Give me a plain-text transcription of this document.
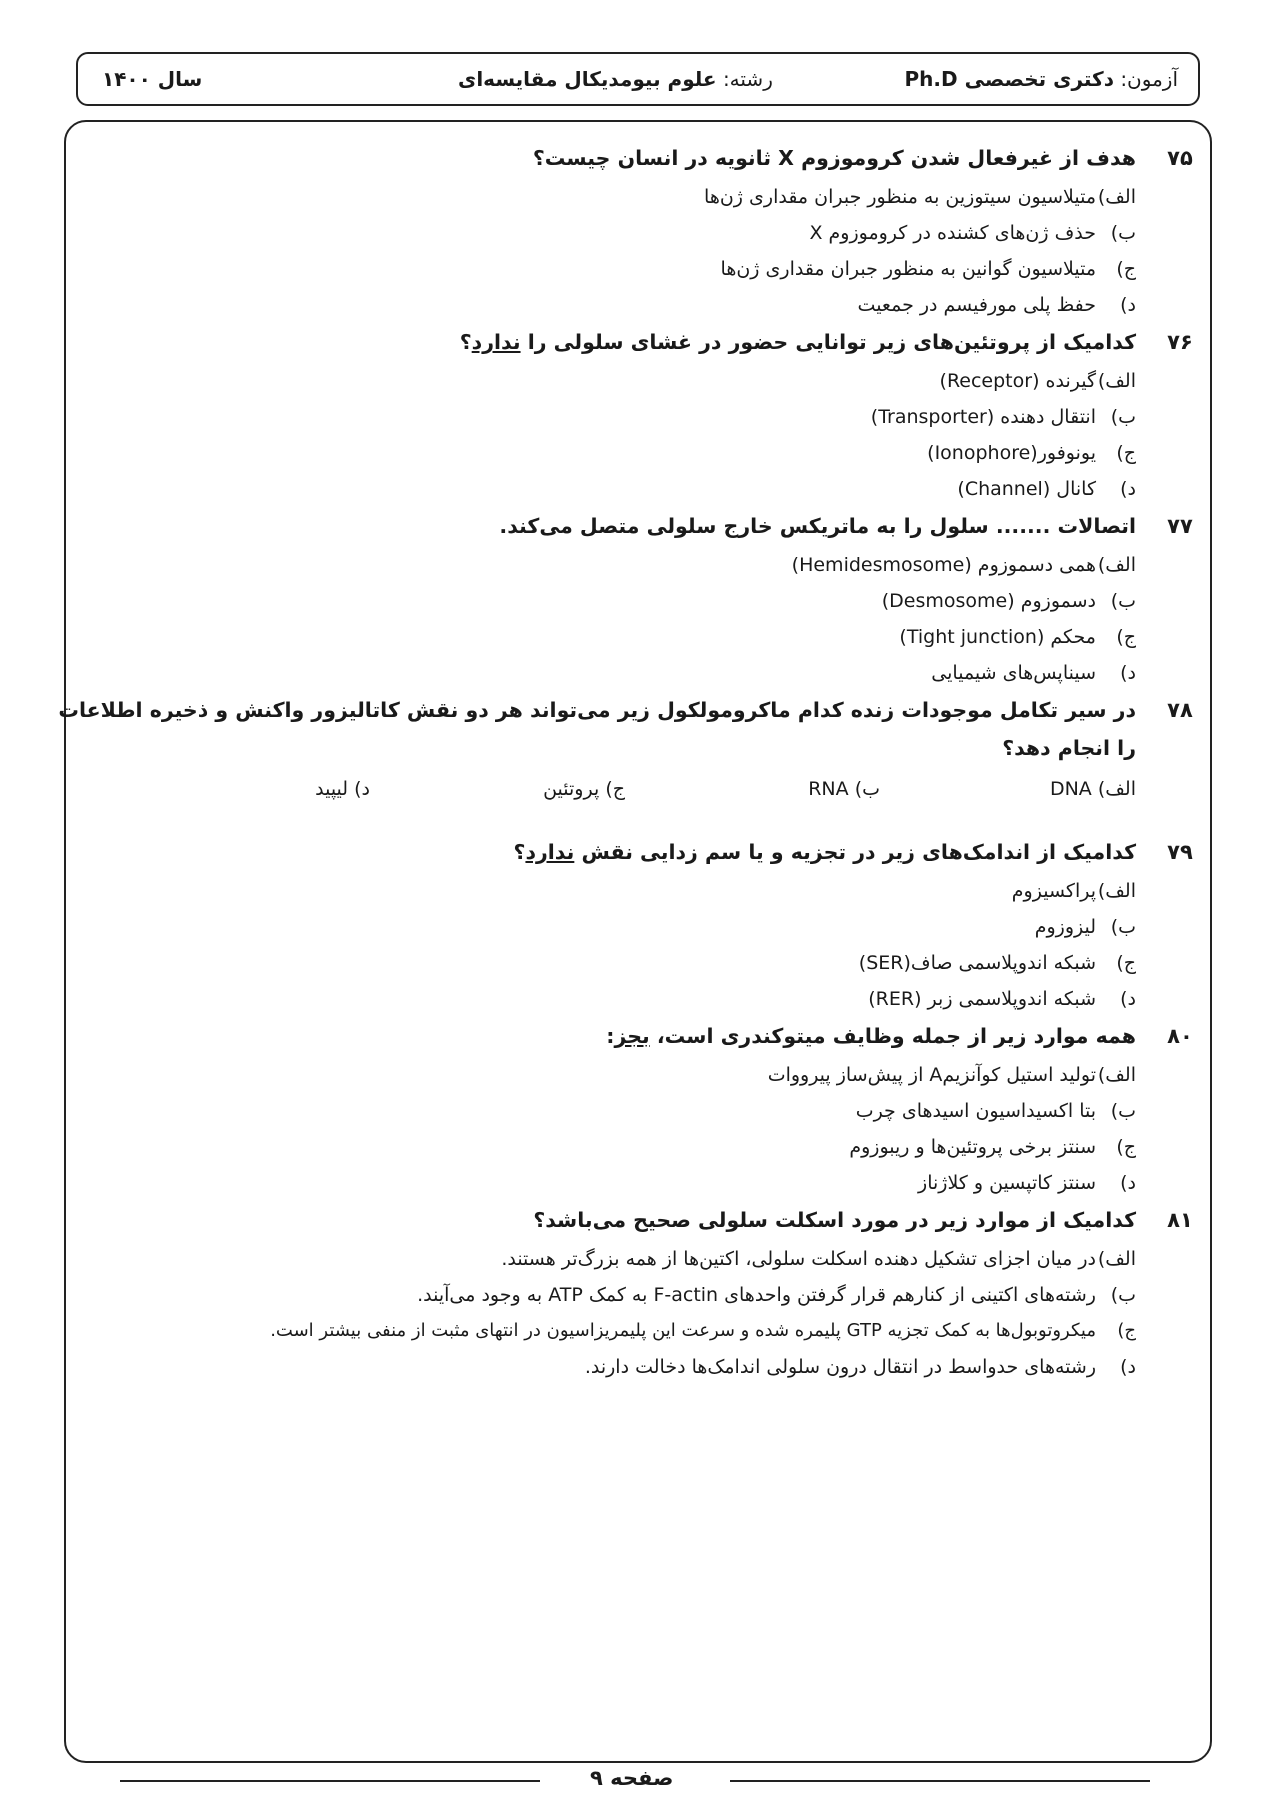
آزمون: دکتری تخصصی Ph.D
رشته: علوم بیومدیکال مقایسه‌ای
سال ۱۴۰۰
۷۵
هدف از غیرفعال شدن کروموزوم X ثانویه در انسان چیست؟
الف)متیلاسیون سیتوزین به منظور جبران مقداری ژن‌ها
ب)حذف ژن‌های کشنده در کروموزوم X
ج)متیلاسیون گوانین به منظور جبران مقداری ژن‌ها
د)حفظ پلی مورفیسم در جمعیت
۷۶
کدامیک از پروتئین‌های زیر توانایی حضور در غشای سلولی را ندارد؟
الف)گیرنده (Receptor)
ب)انتقال دهنده (Transporter)
ج)یونوفور(Ionophore)
د)کانال (Channel)
۷۷
اتصالات ....... سلول را به ماتریکس خارج سلولی متصل می‌کند.
الف)همی دسموزوم (Hemidesmosome)
ب)دسموزوم (Desmosome)
ج)محکم (Tight junction)
د)سیناپس‌های شیمیایی
۷۸
در سیر تکامل موجودات زنده کدام ماکرومولکول زیر می‌تواند هر دو نقش کاتالیزور واکنش و ذخیره اطلاعات
را انجام دهد؟
الف) DNA
ب) RNA
ج) پروتئین
د) لیپید
۷۹
کدامیک از اندامک‌های زیر در تجزیه و یا سم زدایی نقش ندارد؟
الف)پراکسیزوم
ب)لیزوزوم
ج)شبکه اندوپلاسمی صاف(SER)
د)شبکه اندوپلاسمی زبر (RER)
۸۰
همه موارد زیر از جمله وظایف میتوکندری است، بجز:
الف)تولید استیل کوآنزیمA از پیش‌ساز پیرووات
ب)بتا اکسیداسیون اسیدهای چرب
ج)سنتز برخی پروتئین‌ها و ریبوزوم
د)سنتز کاتپسین و کلاژناز
۸۱
کدامیک از موارد زیر در مورد اسکلت سلولی صحیح می‌باشد؟
الف)در میان اجزای تشکیل دهنده اسکلت سلولی، اکتین‌ها از همه بزرگ‌تر هستند.
ب)رشته‌های اکتینی از کنارهم قرار گرفتن واحدهای F-actin به کمک ATP به وجود می‌آیند.
ج)میکروتوبول‌ها به کمک تجزیه GTP پلیمره شده و سرعت این پلیمریزاسیون در انتهای مثبت از منفی بیشتر است.
د)رشته‌های حدواسط در انتقال درون سلولی اندامک‌ها دخالت دارند.
صفحه ۹
